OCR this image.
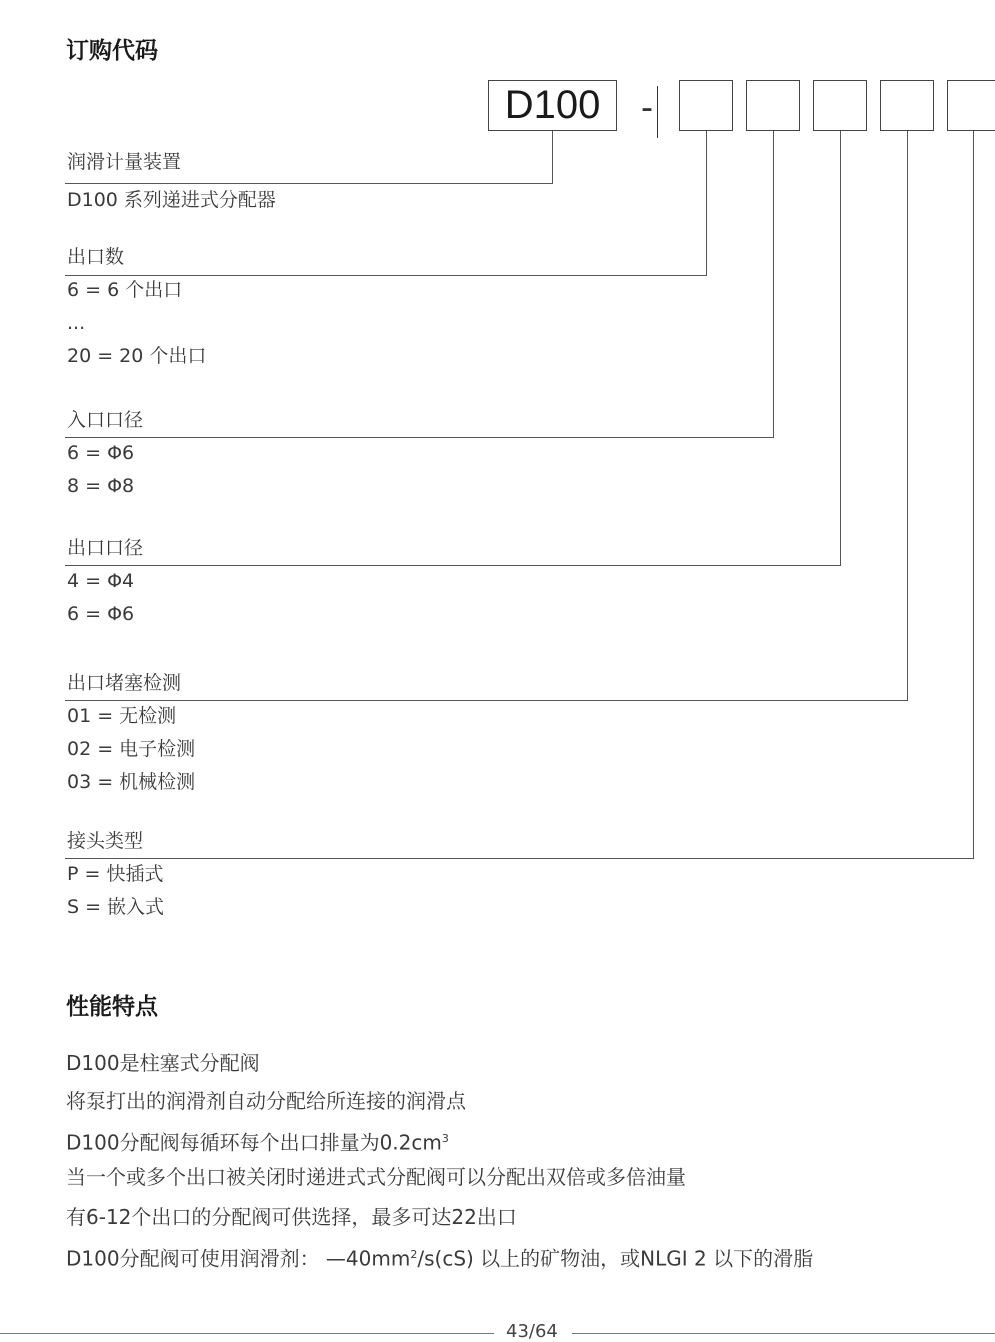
订购代码
D100	-
润滑计量装置
D100 系列递进式分配器
出口数
6 = 6 个出口
...
20 = 20 个出口
入口口径
6 = Φ6
8 = Φ8
出口口径
4 = Φ4
6 = Φ6
出口堵塞检测
01 = 无检测
02 = 电子检测
03 = 机械检测
接头类型
P = 快插式
S = 嵌入式
性能特点
D100是柱塞式分配阀
将泵打出的润滑剂自动分配给所连接的润滑点
D100分配阀每循环每个出口排量为$0.2cm^3$
当一个或多个出口被关闭时递进式式分配阀可以分配出双倍或多倍油量
有6-12个出口的分配阀可供选择，最多可达22出口
D100分配阀可使用润滑剂： $—40mm^2/s(cS)$ 以上的矿物油，或NLGI 2 以下的滑脂
43/64
